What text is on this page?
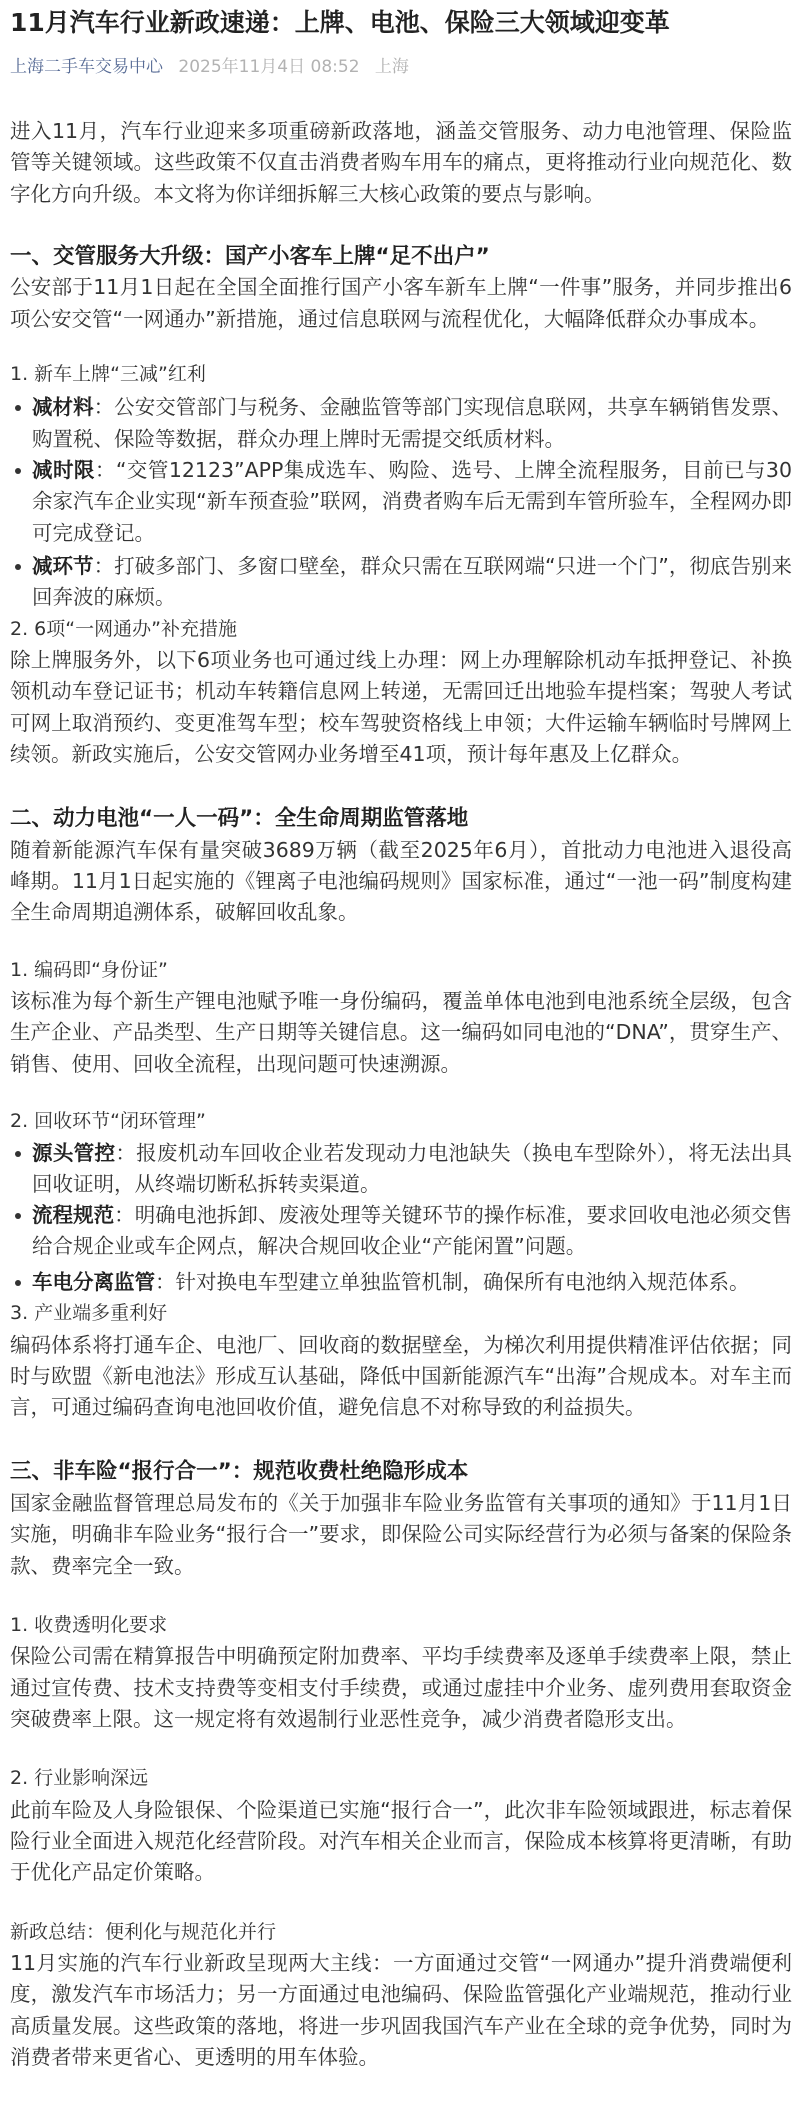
11月汽车行业新政速递：上牌、电池、保险三大领域迎变革
上海二手车交易中心 2025年11月4日 08:52 上海

进入11月，汽车行业迎来多项重磅新政落地，涵盖交管服务、动力电池管理、保险监管等关键领域。这些政策不仅直击消费者购车用车的痛点，更将推动行业向规范化、数字化方向升级。本文将为你详细拆解三大核心政策的要点与影响。

一、交管服务大升级：国产小客车上牌“足不出户”

公安部于11月1日起在全国全面推行国产小客车新车上牌“一件事”服务，并同步推出6项公安交管“一网通办”新措施，通过信息联网与流程优化，大幅降低群众办事成本。

1. 新车上牌“三减”红利

减材料：公安交管部门与税务、金融监管等部门实现信息联网，共享车辆销售发票、购置税、保险等数据，群众办理上牌时无需提交纸质材料。
减时限：“交管12123”APP集成选车、购险、选号、上牌全流程服务，目前已与30余家汽车企业实现“新车预查验”联网，消费者购车后无需到车管所验车，全程网办即可完成登记。
减环节：打破多部门、多窗口壁垒，群众只需在互联网端“只进一个门”，彻底告别来回奔波的麻烦。

2. 6项“一网通办”补充措施

除上牌服务外，以下6项业务也可通过线上办理：网上办理解除机动车抵押登记、补换领机动车登记证书；机动车转籍信息网上转递，无需回迁出地验车提档案；驾驶人考试可网上取消预约、变更准驾车型；校车驾驶资格线上申领；大件运输车辆临时号牌网上续领。新政实施后，公安交管网办业务增至41项，预计每年惠及上亿群众。

二、动力电池“一人一码”：全生命周期监管落地

随着新能源汽车保有量突破3689万辆（截至2025年6月），首批动力电池进入退役高峰期。11月1日起实施的《锂离子电池编码规则》国家标准，通过“一池一码”制度构建全生命周期追溯体系，破解回收乱象。

1. 编码即“身份证”

该标准为每个新生产锂电池赋予唯一身份编码，覆盖单体电池到电池系统全层级，包含生产企业、产品类型、生产日期等关键信息。这一编码如同电池的“DNA”，贯穿生产、销售、使用、回收全流程，出现问题可快速溯源。

2. 回收环节“闭环管理”

源头管控：报废机动车回收企业若发现动力电池缺失（换电车型除外），将无法出具回收证明，从终端切断私拆转卖渠道。
流程规范：明确电池拆卸、废液处理等关键环节的操作标准，要求回收电池必须交售给合规企业或车企网点，解决合规回收企业“产能闲置”问题。
车电分离监管：针对换电车型建立单独监管机制，确保所有电池纳入规范体系。

3. 产业端多重利好

编码体系将打通车企、电池厂、回收商的数据壁垒，为梯次利用提供精准评估依据；同时与欧盟《新电池法》形成互认基础，降低中国新能源汽车“出海”合规成本。对车主而言，可通过编码查询电池回收价值，避免信息不对称导致的利益损失。

三、非车险“报行合一”：规范收费杜绝隐形成本

国家金融监督管理总局发布的《关于加强非车险业务监管有关事项的通知》于11月1日实施，明确非车险业务“报行合一”要求，即保险公司实际经营行为必须与备案的保险条款、费率完全一致。

1. 收费透明化要求

保险公司需在精算报告中明确预定附加费率、平均手续费率及逐单手续费率上限，禁止通过宣传费、技术支持费等变相支付手续费，或通过虚挂中介业务、虚列费用套取资金突破费率上限。这一规定将有效遏制行业恶性竞争，减少消费者隐形支出。

2. 行业影响深远

此前车险及人身险银保、个险渠道已实施“报行合一”，此次非车险领域跟进，标志着保险行业全面进入规范化经营阶段。对汽车相关企业而言，保险成本核算将更清晰，有助于优化产品定价策略。

新政总结：便利化与规范化并行

11月实施的汽车行业新政呈现两大主线：一方面通过交管“一网通办”提升消费端便利度，激发汽车市场活力；另一方面通过电池编码、保险监管强化产业端规范，推动行业高质量发展。这些政策的落地，将进一步巩固我国汽车产业在全球的竞争优势，同时为消费者带来更省心、更透明的用车体验。
